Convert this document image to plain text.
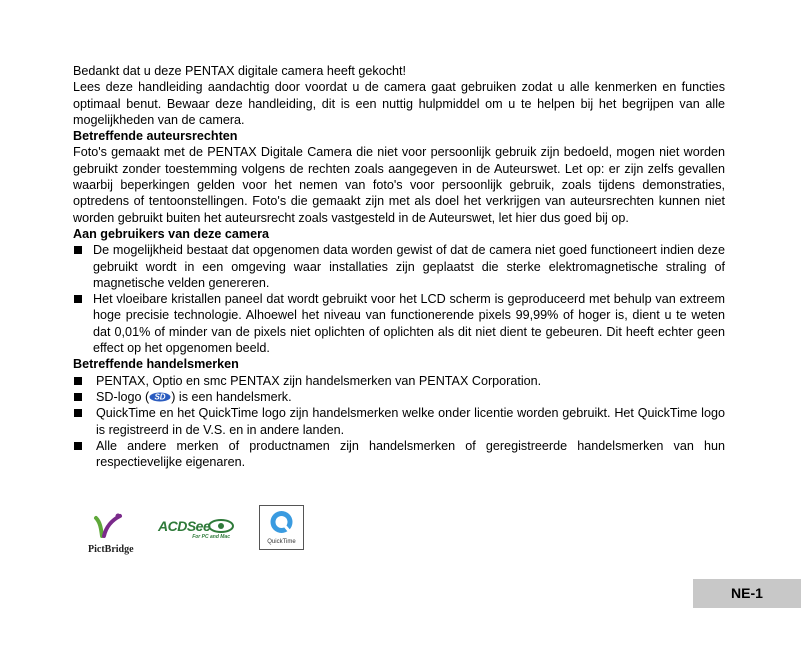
Bedankt dat u deze PENTAX digitale camera heeft gekocht!

Lees deze handleiding aandachtig door voordat u de camera gaat gebruiken zodat u alle kenmerken en functies optimaal benut. Bewaar deze handleiding, dit is een nuttig hulpmiddel om u te helpen bij het begrijpen van alle mogelijkheden van de camera.

Betreffende auteursrechten

Foto's gemaakt met de PENTAX Digitale Camera die niet voor persoonlijk gebruik zijn bedoeld, mogen niet worden gebruikt zonder toestemming volgens de rechten zoals aangegeven in de Auteurswet. Let op: er zijn zelfs gevallen waarbij beperkingen gelden voor het nemen van foto's voor persoonlijk gebruik, zoals tijdens demonstraties, optredens of tentoonstellingen. Foto's die gemaakt zijn met als doel het verkrijgen van auteursrechten kunnen niet worden gebruikt buiten het auteursrecht zoals vastgesteld in de Auteurswet, let hier dus goed bij op.

Aan gebruikers van deze camera

De mogelijkheid bestaat dat opgenomen data worden gewist of dat de camera niet goed functioneert indien deze gebruikt wordt in een omgeving waar installaties zijn geplaatst die sterke elektromagnetische straling of magnetische velden genereren.
Het vloeibare kristallen paneel dat wordt gebruikt voor het LCD scherm is geproduceerd met behulp van extreem hoge precisie technologie. Alhoewel het niveau van functionerende pixels 99,99% of hoger is, dient u te weten dat 0,01% of minder van de pixels niet oplichten of oplichten als dit niet dient te gebeuren. Dit heeft echter geen effect op het opgenomen beeld.

Betreffende handelsmerken

PENTAX, Optio en smc PENTAX zijn handelsmerken van PENTAX Corporation.
SD-logo ( SD ) is een handelsmerk.
QuickTime en het QuickTime logo zijn handelsmerken welke onder licentie worden gebruikt. Het QuickTime logo is registreerd in de V.S. en in andere landen.
Alle andere merken of productnamen zijn handelsmerken of geregistreerde handelsmerken van hun respectievelijke eigenaren.
PictBridge
ACDSee
For PC and Mac
QuickTime
NE-1
